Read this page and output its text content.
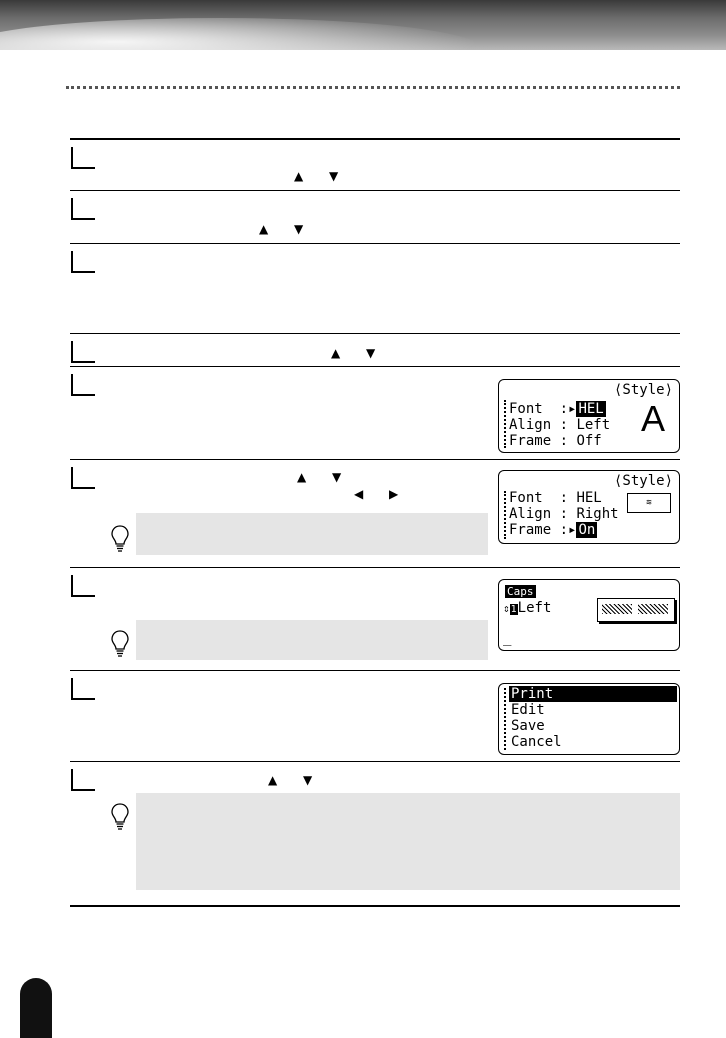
▲ ▼
▲ ▼
▲ ▼
⟨Style⟩
Font  :▸ HEL
Align : Left
Frame : Off
A
▲ ▼
◀ ▶
⟨Style⟩
Font  : HEL
Align : Right
Frame :▸ On
≋
Caps
⇕1Left
_
Print
Edit
Save
Cancel
▲ ▼
